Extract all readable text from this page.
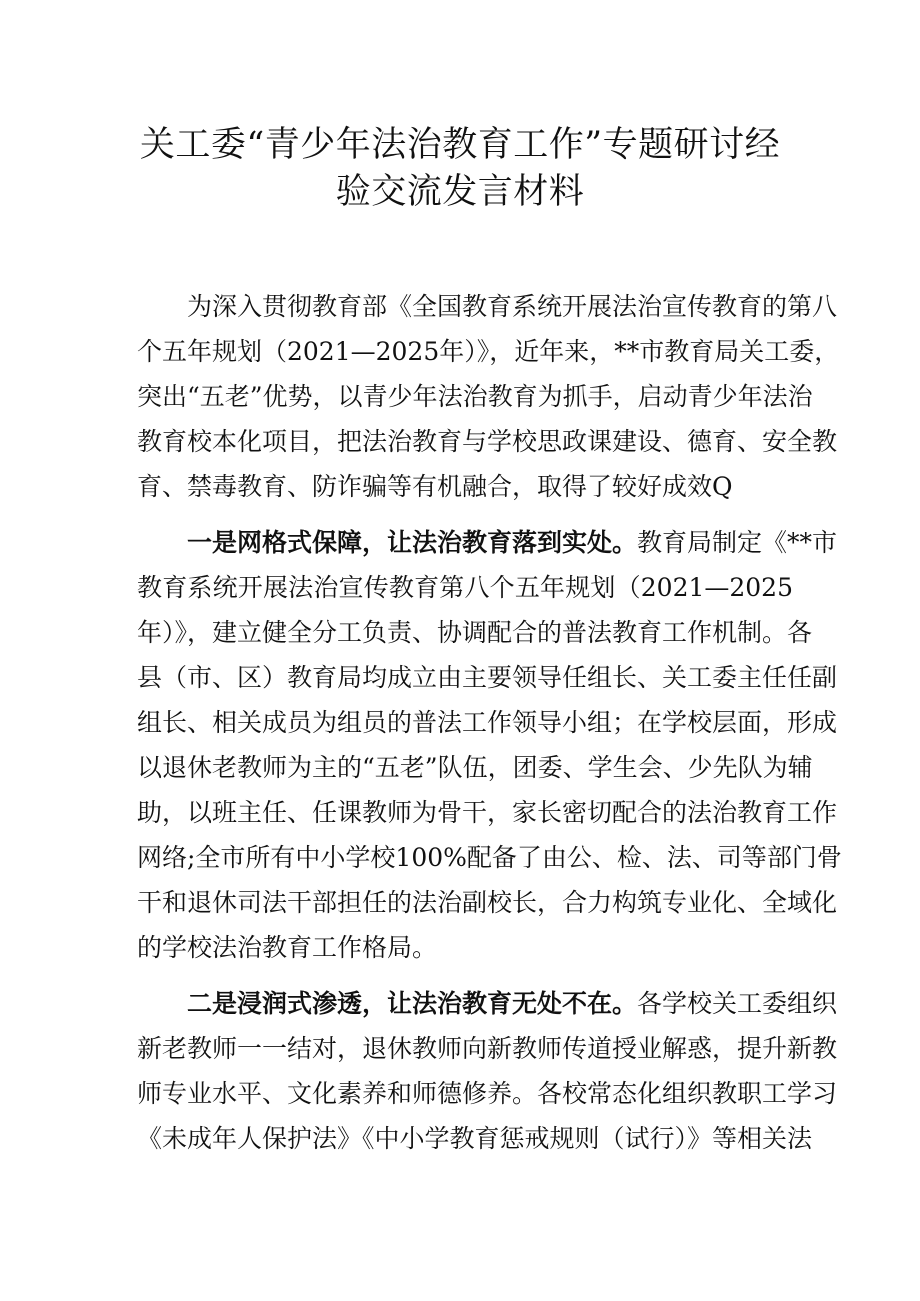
关工委“青少年法治教育工作”专题研讨经
验交流发言材料

为深入贯彻教育部《全国教育系统开展法治宣传教育的第八

个五年规划（2021—2025年）》，近年来，**市教育局关工委，

突出“五老”优势，以青少年法治教育为抓手，启动青少年法治

教育校本化项目，把法治教育与学校思政课建设、德育、安全教

育、禁毒教育、防诈骗等有机融合，取得了较好成效Q

一是网格式保障，让法治教育落到实处。教育局制定《**市

教育系统开展法治宣传教育第八个五年规划（2021—2025

年）》，建立健全分工负责、协调配合的普法教育工作机制。各

县（市、区）教育局均成立由主要领导任组长、关工委主任任副

组长、相关成员为组员的普法工作领导小组；在学校层面，形成

以退休老教师为主的“五老”队伍，团委、学生会、少先队为辅

助，以班主任、任课教师为骨干，家长密切配合的法治教育工作

网络;全市所有中小学校100%配备了由公、检、法、司等部门骨

干和退休司法干部担任的法治副校长，合力构筑专业化、全域化

的学校法治教育工作格局。

二是浸润式渗透，让法治教育无处不在。各学校关工委组织

新老教师一一结对，退休教师向新教师传道授业解惑，提升新教

师专业水平、文化素养和师德修养。各校常态化组织教职工学习

《未成年人保护法》《中小学教育惩戒规则（试行）》等相关法
